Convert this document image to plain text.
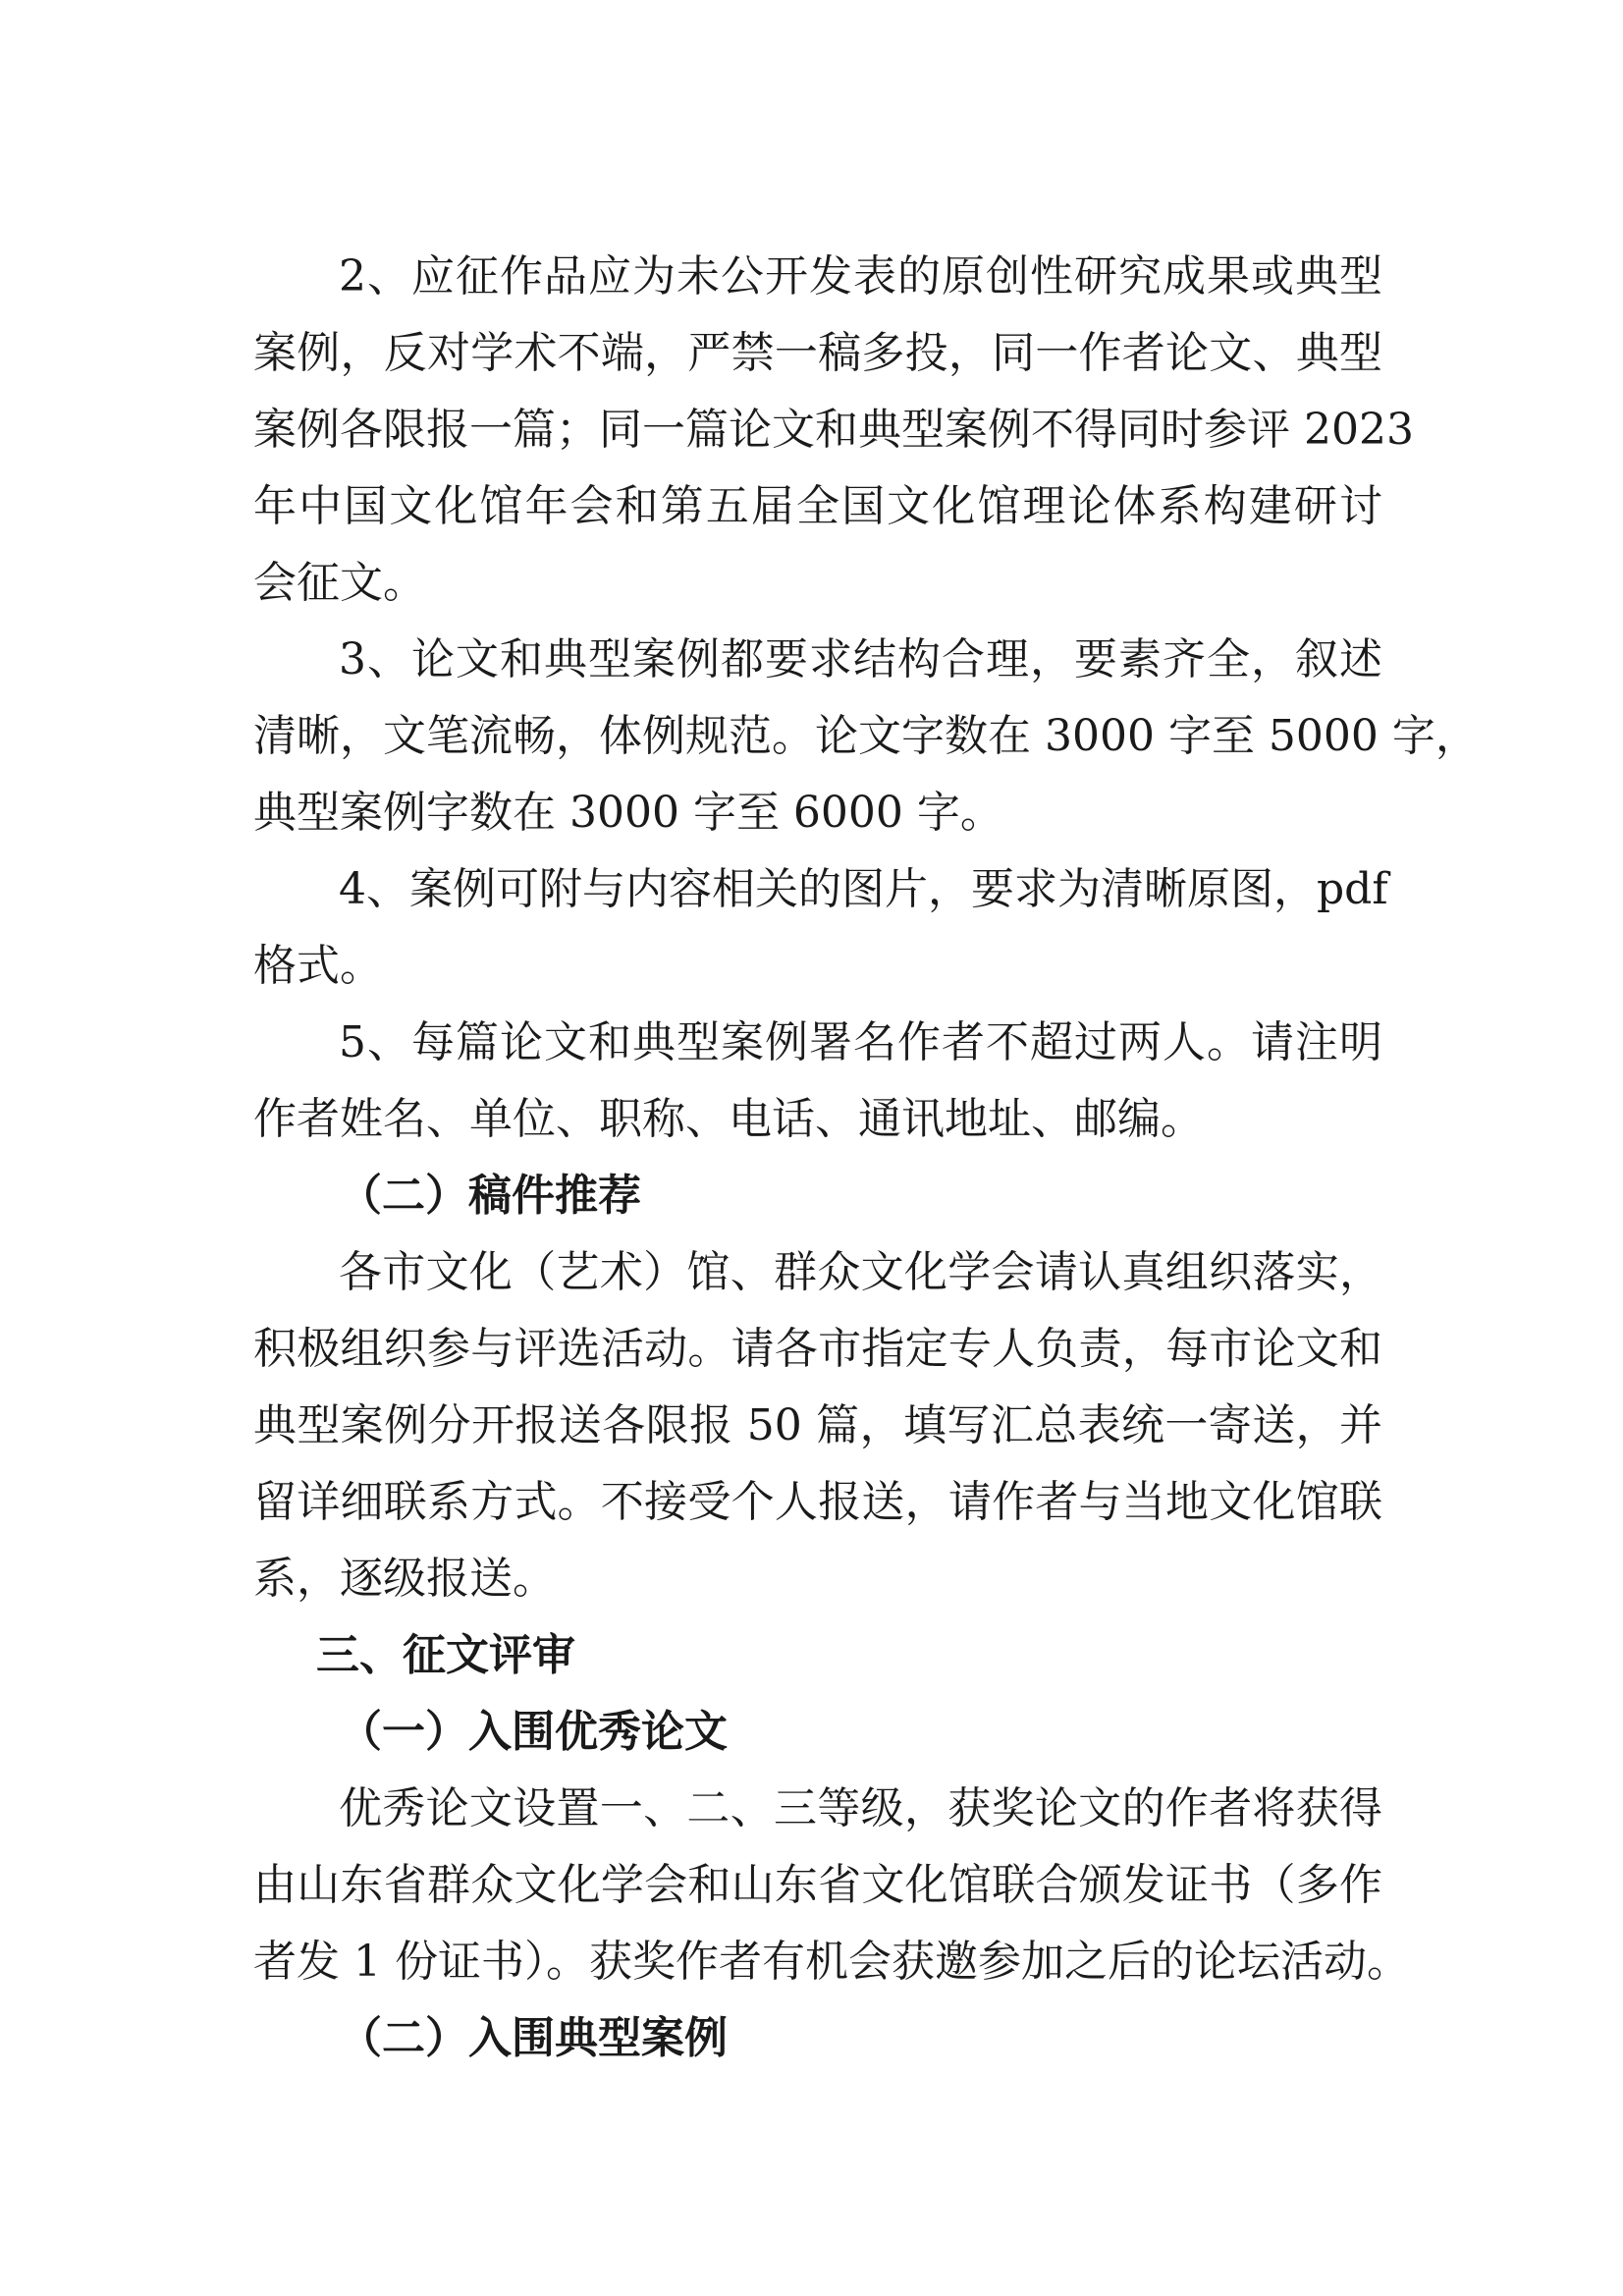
2、应征作品应为未公开发表的原创性研究成果或典型
案例，反对学术不端，严禁一稿多投，同一作者论文、典型
案例各限报一篇；同一篇论文和典型案例不得同时参评 2023
年中国文化馆年会和第五届全国文化馆理论体系构建研讨
会征文。
3、论文和典型案例都要求结构合理，要素齐全，叙述
清晰，文笔流畅，体例规范。论文字数在 3000 字至 5000 字，
典型案例字数在 3000 字至 6000 字。
4、案例可附与内容相关的图片，要求为清晰原图，pdf
格式。
5、每篇论文和典型案例署名作者不超过两人。请注明
作者姓名、单位、职称、电话、通讯地址、邮编。
（二）稿件推荐
各市文化（艺术）馆、群众文化学会请认真组织落实，
积极组织参与评选活动。请各市指定专人负责，每市论文和
典型案例分开报送各限报 50 篇，填写汇总表统一寄送，并
留详细联系方式。不接受个人报送，请作者与当地文化馆联
系，逐级报送。
三、征文评审
（一）入围优秀论文
优秀论文设置一、二、三等级，获奖论文的作者将获得
由山东省群众文化学会和山东省文化馆联合颁发证书（多作
者发 1 份证书）。获奖作者有机会获邀参加之后的论坛活动。
（二）入围典型案例
